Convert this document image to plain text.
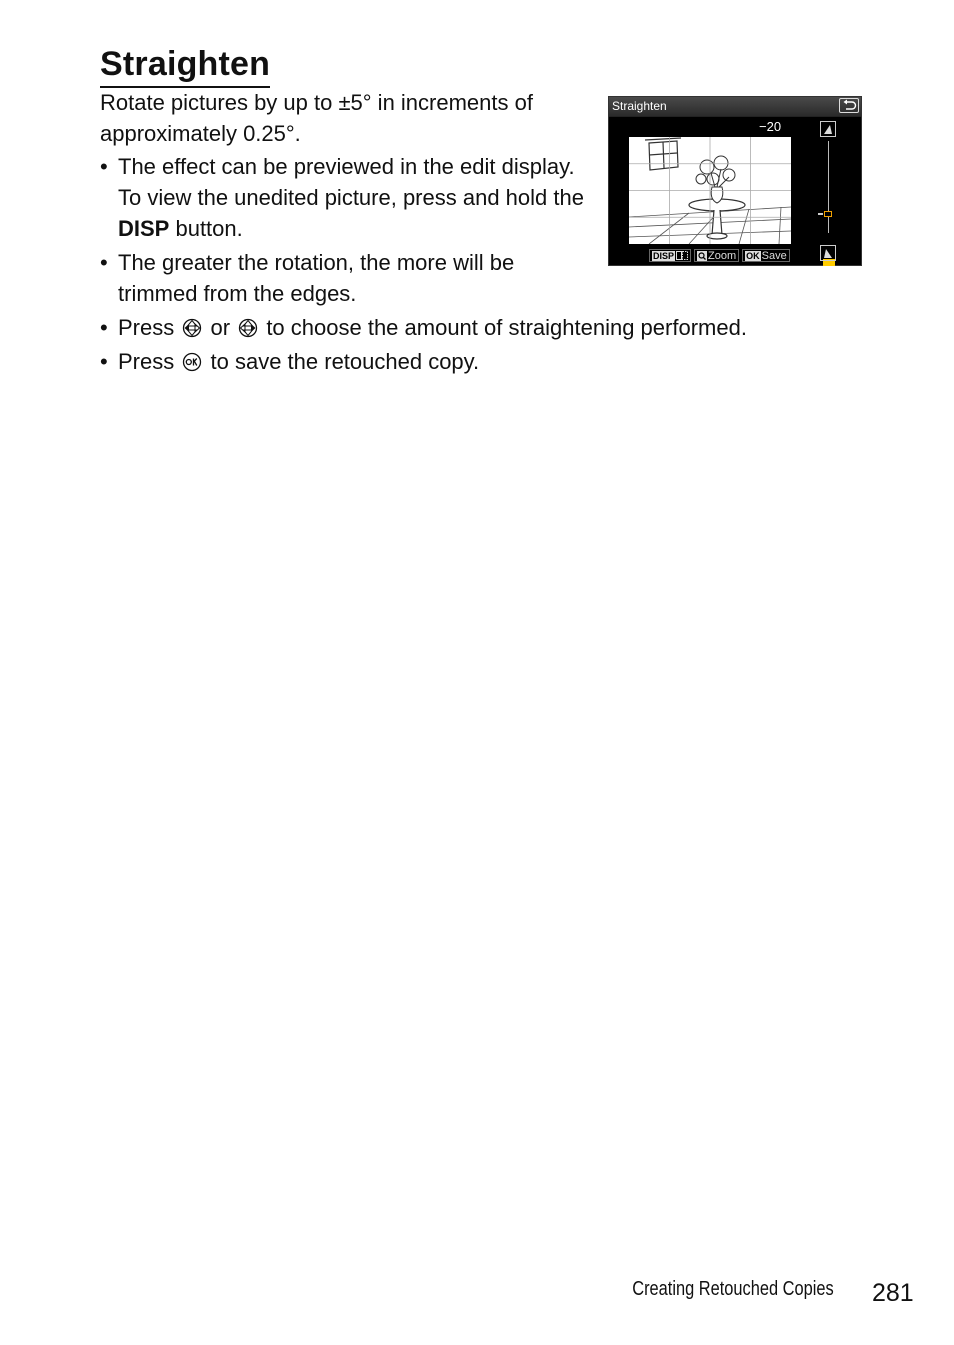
Straighten

Rotate pictures by up to ±5° in increments of approximately 0.25°.

• The effect can be previewed in the edit display. To view the unedited picture, press and hold the DISP button.
• The greater the rotation, the more will be trimmed from the edges.
• Press or to choose the amount of straightening performed.
• Press to save the retouched copy.
Straighten
−20
DISP	Zoom OK Save
Creating Retouched Copies 281
